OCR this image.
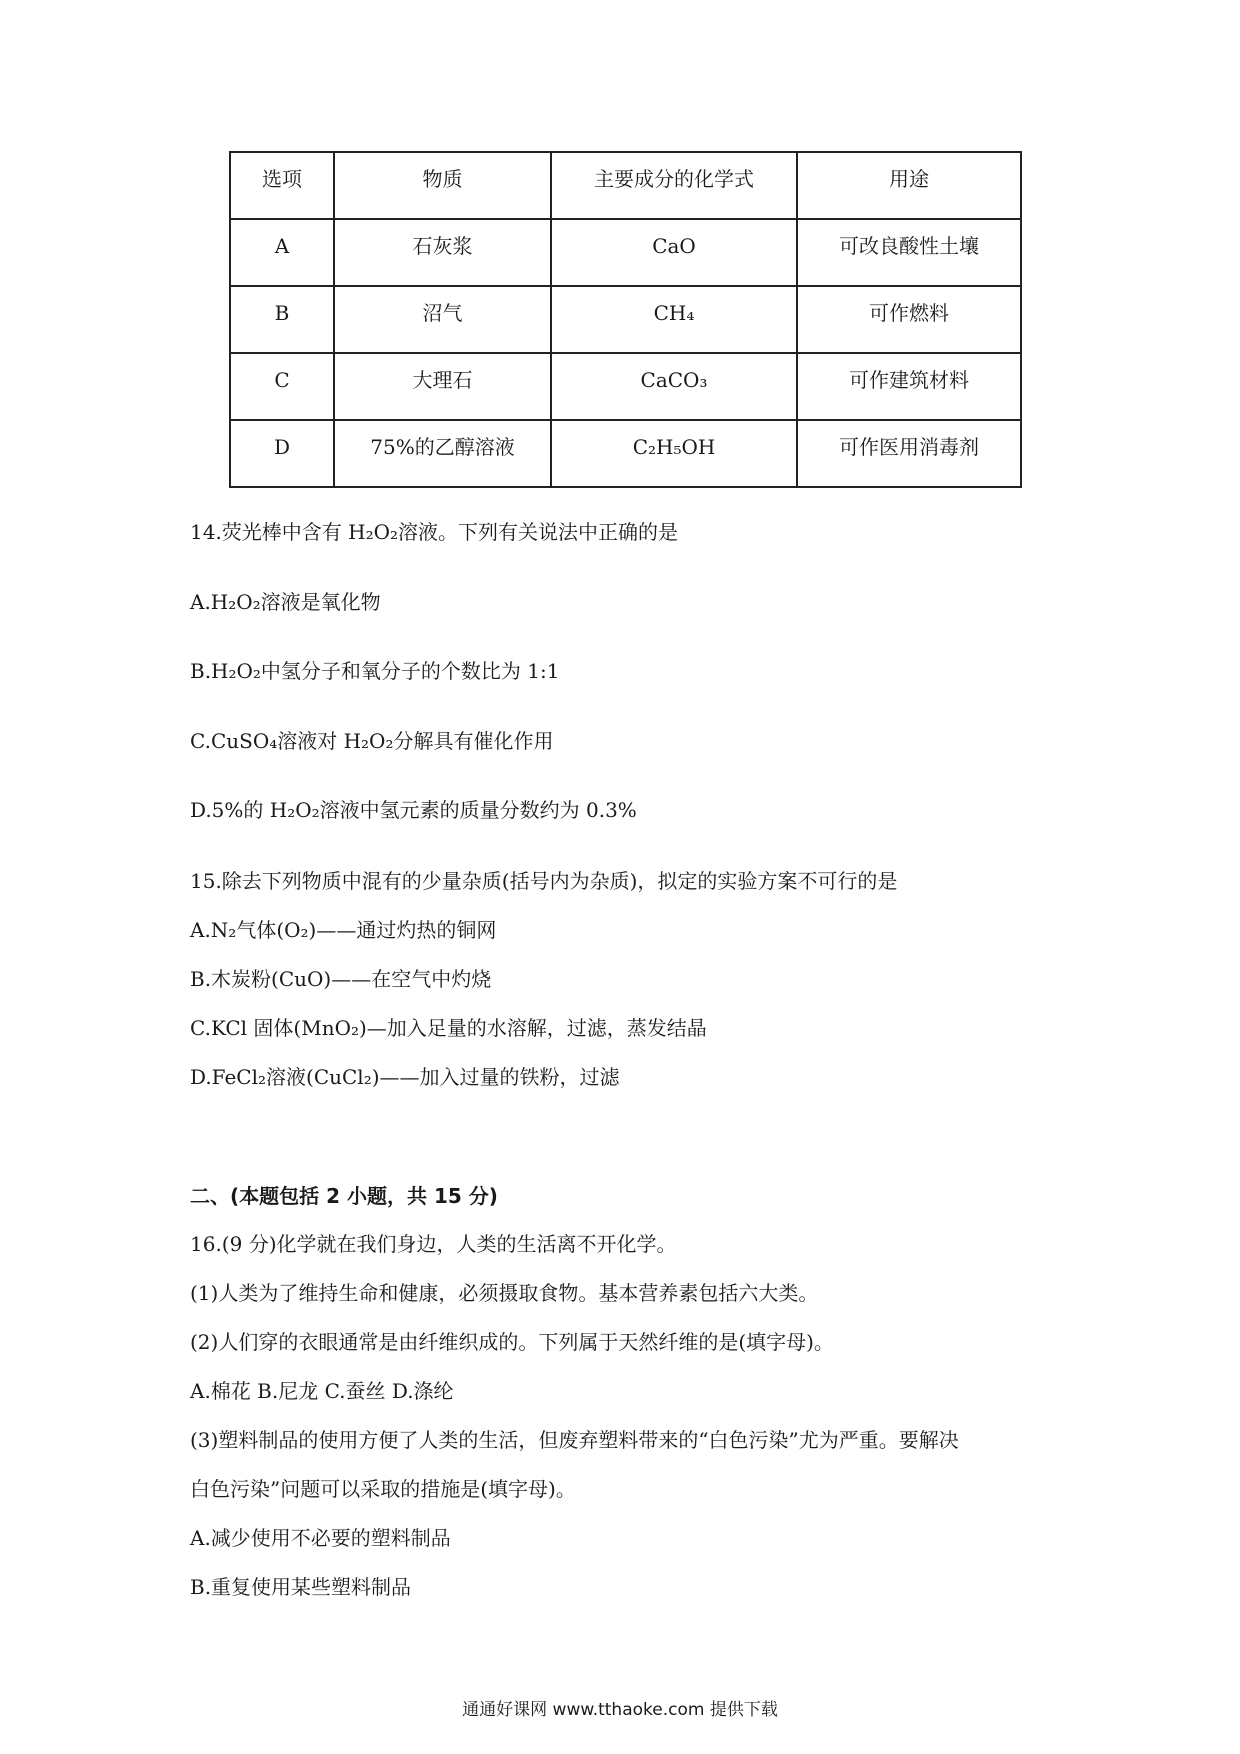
选项	物质	主要成分的化学式	用途
A	石灰浆	CaO	可改良酸性土壤
B	沼气	CH₄	可作燃料
C	大理石	CaCO₃	可作建筑材料
D	75%的乙醇溶液	C₂H₅OH	可作医用消毒剂
14.荧光棒中含有 H₂O₂溶液。下列有关说法中正确的是
A.H₂O₂溶液是氧化物
B.H₂O₂中氢分子和氧分子的个数比为 1:1
C.CuSO₄溶液对 H₂O₂分解具有催化作用
D.5%的 H₂O₂溶液中氢元素的质量分数约为 0.3%
15.除去下列物质中混有的少量杂质(括号内为杂质)，拟定的实验方案不可行的是
A.N₂气体(O₂)——通过灼热的铜网
B.木炭粉(CuO)——在空气中灼烧
C.KCl 固体(MnO₂)—加入足量的水溶解，过滤，蒸发结晶
D.FeCl₂溶液(CuCl₂)——加入过量的铁粉，过滤
二、(本题包括 2 小题，共 15 分)
16.(9 分)化学就在我们身边，人类的生活离不开化学。
(1)人类为了维持生命和健康，必须摄取食物。基本营养素包括六大类。
(2)人们穿的衣眼通常是由纤维织成的。下列属于天然纤维的是(填字母)。
A.棉花 B.尼龙 C.蚕丝 D.涤纶
(3)塑料制品的使用方便了人类的生活，但废弃塑料带来的“白色污染”尤为严重。要解决
白色污染”问题可以采取的措施是(填字母)。
A.减少使用不必要的塑料制品
B.重复使用某些塑料制品
通通好课网 www.tthaoke.com 提供下载
